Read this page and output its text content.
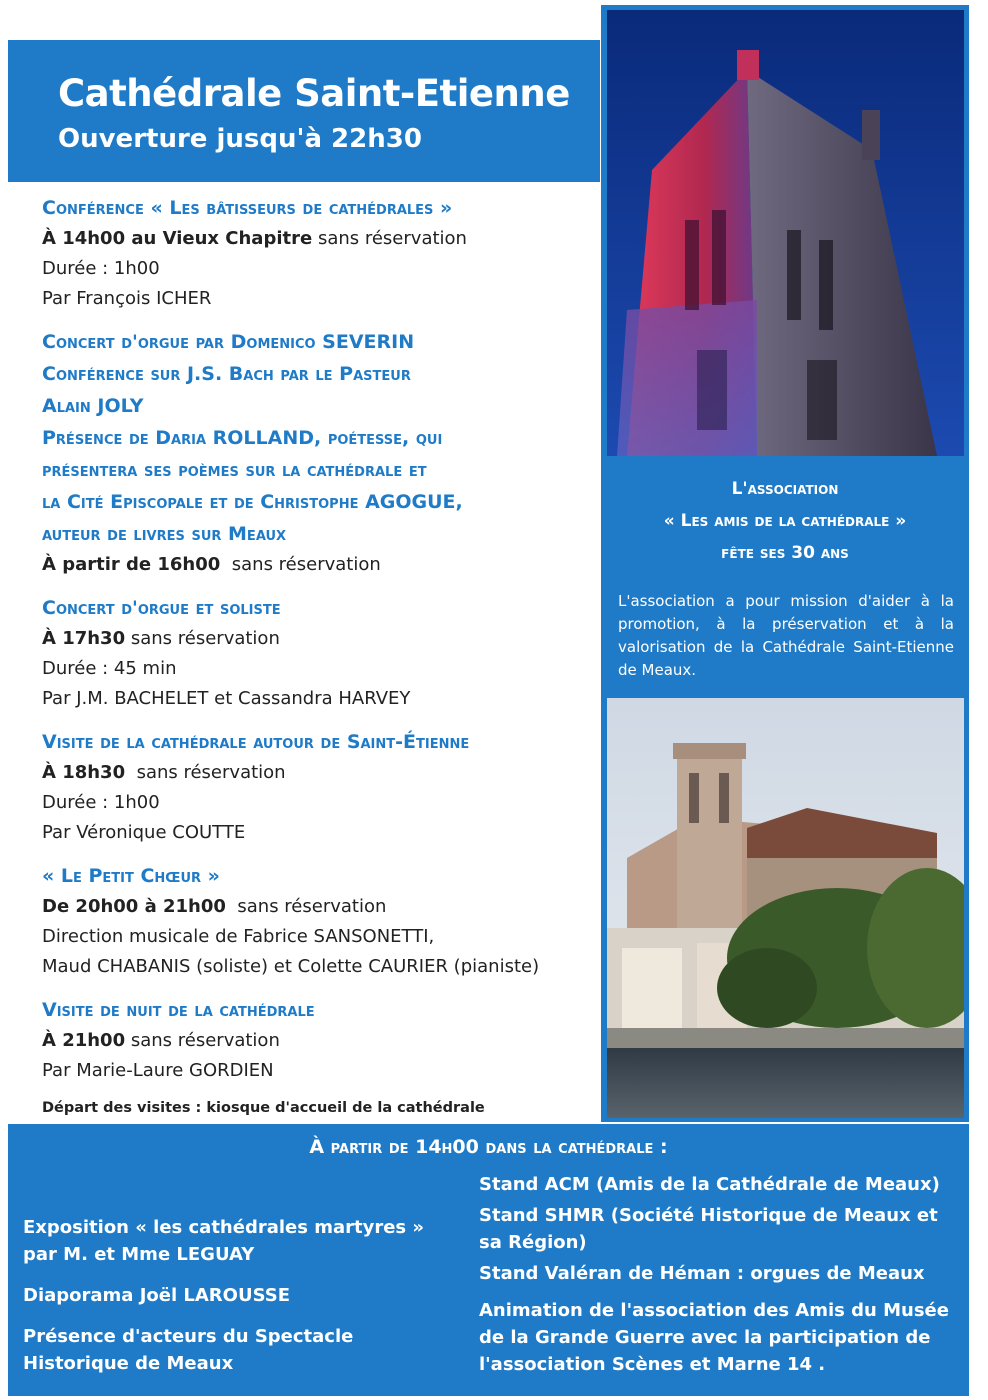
Cathédrale Saint-Etienne
Ouverture jusqu'à 22h30
L'association
« Les amis de la cathédrale »
fête ses 30 ans
L'association a pour mission d'aider à la promotion, à la préservation et à la valorisation de la Cathédrale Saint-Etienne de Meaux.
Conférence « Les bâtisseurs de cathédrales »
À 14h00 au Vieux Chapitre sans réservation
Durée : 1h00
Par François ICHER
Concert d'orgue par Domenico SEVERIN
Conférence sur J.S. Bach par le Pasteur
Alain JOLY
Présence de Daria ROLLAND, poétesse, qui
présentera ses poèmes sur la cathédrale et
la Cité Episcopale et de Christophe AGOGUE,
auteur de livres sur Meaux
À partir de 16h00 sans réservation
Concert d'orgue et soliste
À 17h30 sans réservation
Durée : 45 min
Par J.M. BACHELET et Cassandra HARVEY
Visite de la cathédrale autour de Saint-Étienne
À 18h30 sans réservation
Durée : 1h00
Par Véronique COUTTE
« Le Petit Chœur »
De 20h00 à 21h00 sans réservation
Direction musicale de Fabrice SANSONETTI,
Maud CHABANIS (soliste) et Colette CAURIER (pianiste)
Visite de nuit de la cathédrale
À 21h00 sans réservation
Par Marie-Laure GORDIEN
Départ des visites : kiosque d'accueil de la cathédrale
À partir de 14h00 dans la cathédrale :

Exposition « les cathédrales martyres » par M. et Mme LEGUAY

Diaporama Joël LAROUSSE

Présence d'acteurs du Spectacle Historique de Meaux

Stand ACM (Amis de la Cathédrale de Meaux)

Stand SHMR (Société Historique de Meaux et sa Région)

Stand Valéran de Héman : orgues de Meaux

Animation de l'association des Amis du Musée de la Grande Guerre avec la participation de l'association Scènes et Marne 14 .
